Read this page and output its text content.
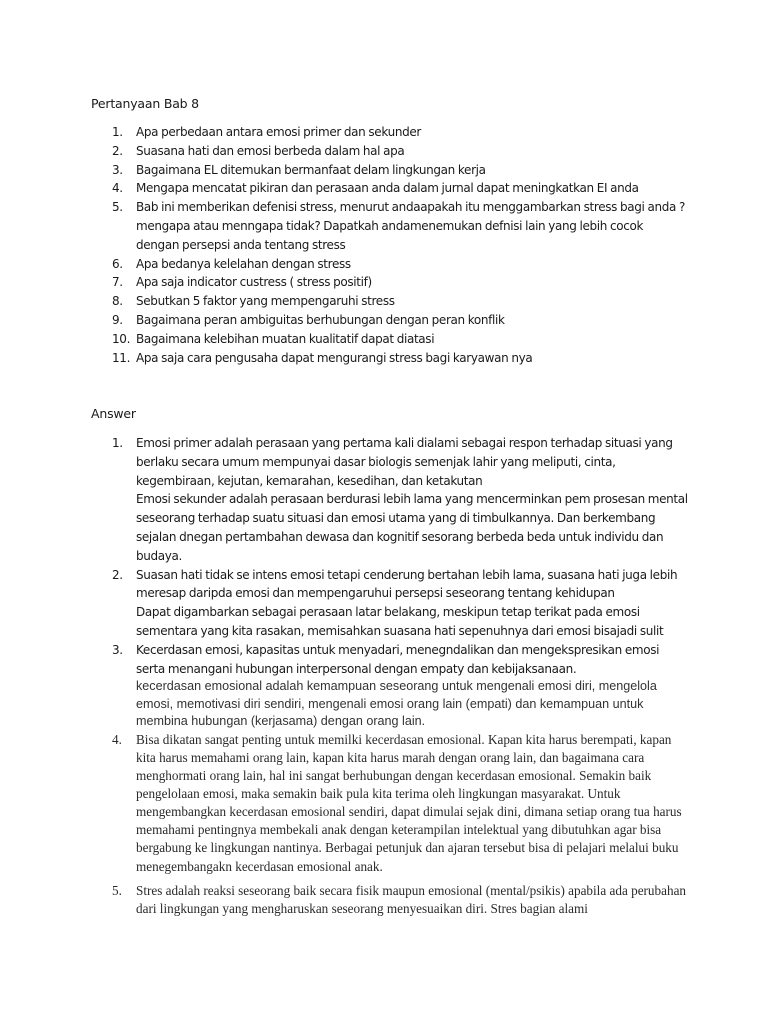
Pertanyaan Bab 8
1.	Apa perbedaan antara emosi primer dan sekunder
2.	Suasana hati dan emosi berbeda dalam hal apa
3.	Bagaimana EL ditemukan bermanfaat delam lingkungan kerja
4.	Mengapa mencatat pikiran dan perasaan anda dalam jurnal dapat meningkatkan EI anda
5.	Bab ini memberikan defenisi stress, menurut andaapakah itu menggambarkan stress bagi anda ? mengapa atau menngapa tidak? Dapatkah andamenemukan defnisi lain yang lebih cocok dengan persepsi anda tentang stress
6.	Apa bedanya kelelahan dengan stress
7.	Apa saja indicator custress ( stress positif)
8.	Sebutkan 5 faktor yang mempengaruhi stress
9.	Bagaimana peran ambiguitas berhubungan dengan peran konflik
10. Bagaimana kelebihan muatan kualitatif dapat diatasi
11. Apa saja cara pengusaha dapat mengurangi stress bagi karyawan nya
Answer
1.	Emosi primer adalah perasaan yang pertama kali dialami sebagai respon terhadap situasi yang berlaku secara umum mempunyai dasar biologis semenjak lahir yang meliputi, cinta, kegembiraan, kejutan, kemarahan, kesedihan, dan ketakutan
Emosi sekunder adalah perasaan berdurasi lebih lama yang mencerminkan pem prosesan mental seseorang terhadap suatu situasi dan emosi utama yang di timbulkannya. Dan berkembang sejalan dnegan pertambahan dewasa dan kognitif sesorang berbeda beda untuk individu dan budaya.
2.	Suasan hati tidak se intens emosi tetapi cenderung bertahan lebih lama, suasana hati juga lebih meresap daripda emosi dan mempengaruhui persepsi seseorang tentang kehidupan
Dapat digambarkan sebagai perasaan latar belakang, meskipun tetap terikat pada emosi sementara yang kita rasakan, memisahkan suasana hati sepenuhnya dari emosi bisajadi sulit
3.	Kecerdasan emosi, kapasitas untuk menyadari, menegndalikan dan mengekspresikan emosi serta menangani hubungan interpersonal dengan empaty dan kebijaksanaan.
kecerdasan emosional adalah kemampuan seseorang untuk mengenali emosi diri, mengelola emosi, memotivasi diri sendiri, mengenali emosi orang lain (empati) dan kemampuan untuk membina hubungan (kerjasama) dengan orang lain.
4.	Bisa dikatan sangat penting untuk memilki kecerdasan emosional. Kapan kita harus berempati, kapan kita harus memahami orang lain, kapan kita harus marah dengan orang lain, dan bagaimana cara menghormati orang lain, hal ini sangat berhubungan dengan kecerdasan emosional. Semakin baik pengelolaan emosi, maka semakin baik pula kita terima oleh lingkungan masyarakat. Untuk mengembangkan kecerdasan emosional sendiri, dapat dimulai sejak dini, dimana setiap orang tua harus memahami pentingnya membekali anak dengan keterampilan intelektual yang dibutuhkan agar bisa bergabung ke lingkungan nantinya. Berbagai petunjuk dan ajaran tersebut bisa di pelajari melalui buku menegembangakn kecerdasan emosional anak.
5.	Stres adalah reaksi seseorang baik secara fisik maupun emosional (mental/psikis) apabila ada perubahan dari lingkungan yang mengharuskan seseorang menyesuaikan diri. Stres bagian alami
